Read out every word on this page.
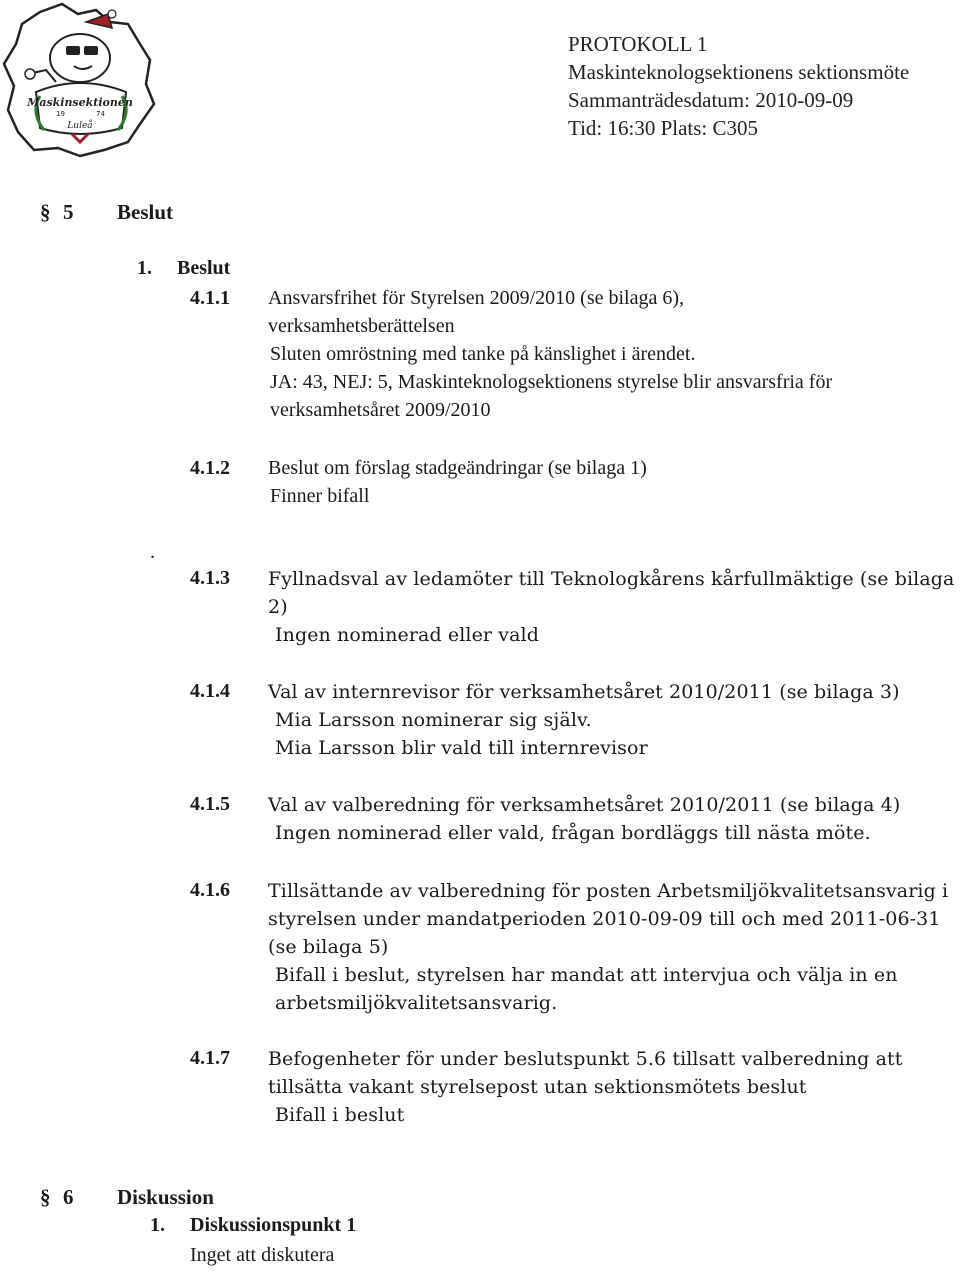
Maskinsektionen
19	74
Luleå
PROTOKOLL 1
Maskinteknologsektionens sektionsmöte
Sammanträdesdatum: 2010-09-09
Tid: 16:30 Plats: C305
§ 5 Beslut
1. Beslut
4.1.1 Ansvarsfrihet för Styrelsen 2009/2010 (se bilaga 6),
verksamhetsberättelsen
Sluten omröstning med tanke på känslighet i ärendet.
JA: 43, NEJ: 5, Maskinteknologsektionens styrelse blir ansvarsfria för
verksamhetsåret 2009/2010
4.1.2 Beslut om förslag stadgeändringar (se bilaga 1)
Finner bifall
.
4.1.3 Fyllnadsval av ledamöter till Teknologkårens kårfullmäktige (se bilaga
2)
Ingen nominerad eller vald
4.1.4 Val av internrevisor för verksamhetsåret 2010/2011 (se bilaga 3)
Mia Larsson nominerar sig själv.
Mia Larsson blir vald till internrevisor
4.1.5 Val av valberedning för verksamhetsåret 2010/2011 (se bilaga 4)
Ingen nominerad eller vald, frågan bordläggs till nästa möte.
4.1.6 Tillsättande av valberedning för posten Arbetsmiljökvalitetsansvarig i
styrelsen under mandatperioden 2010-09-09 till och med 2011-06-31
(se bilaga 5)
Bifall i beslut, styrelsen har mandat att intervjua och välja in en
arbetsmiljökvalitetsansvarig.
4.1.7 Befogenheter för under beslutspunkt 5.6 tillsatt valberedning att
tillsätta vakant styrelsepost utan sektionsmötets beslut
Bifall i beslut
§ 6 Diskussion
1. Diskussionspunkt 1
Inget att diskutera
